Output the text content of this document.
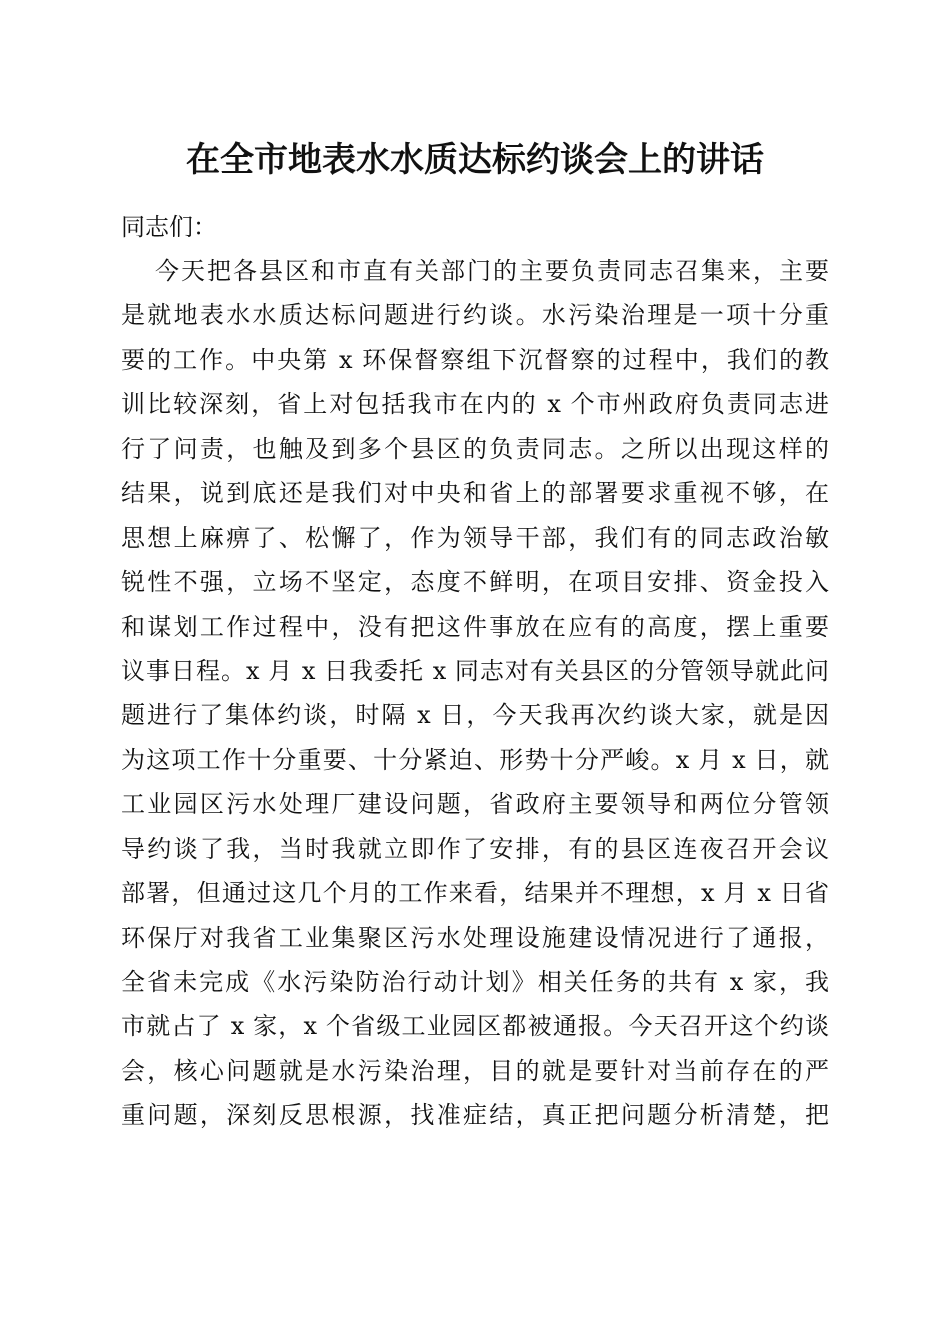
在全市地表水水质达标约谈会上的讲话

同志们：

今天把各县区和市直有关部门的主要负责同志召集来，主要
是就地表水水质达标问题进行约谈。水污染治理是一项十分重
要的工作。中央第 x 环保督察组下沉督察的过程中，我们的教
训比较深刻，省上对包括我市在内的 x 个市州政府负责同志进
行了问责，也触及到多个县区的负责同志。之所以出现这样的
结果，说到底还是我们对中央和省上的部署要求重视不够，在
思想上麻痹了、松懈了，作为领导干部，我们有的同志政治敏
锐性不强，立场不坚定，态度不鲜明，在项目安排、资金投入
和谋划工作过程中，没有把这件事放在应有的高度，摆上重要
议事日程。x 月 x 日我委托 x 同志对有关县区的分管领导就此问
题进行了集体约谈，时隔 x 日，今天我再次约谈大家，就是因
为这项工作十分重要、十分紧迫、形势十分严峻。x 月 x 日，就
工业园区污水处理厂建设问题，省政府主要领导和两位分管领
导约谈了我，当时我就立即作了安排，有的县区连夜召开会议
部署，但通过这几个月的工作来看，结果并不理想，x 月 x 日省
环保厅对我省工业集聚区污水处理设施建设情况进行了通报，
全省未完成《水污染防治行动计划》相关任务的共有 x 家，我
市就占了 x 家，x 个省级工业园区都被通报。今天召开这个约谈
会，核心问题就是水污染治理，目的就是要针对当前存在的严
重问题，深刻反思根源，找准症结，真正把问题分析清楚，把
